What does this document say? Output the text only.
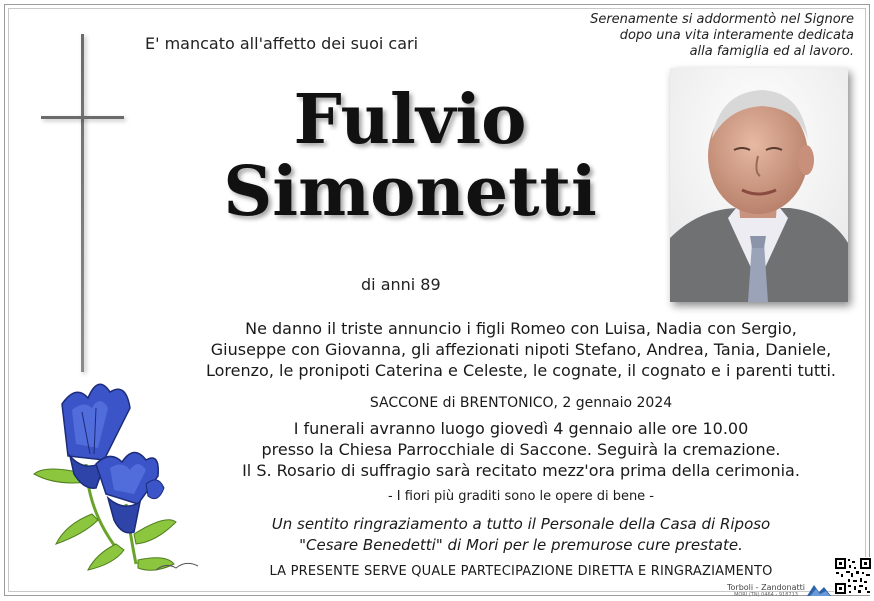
E' mancato all'affetto dei suoi cari
Serenamente si addormentò nel Signore
dopo una vita interamente dedicata
alla famiglia ed al lavoro.
Fulvio
Simonetti
di anni 89
Ne danno il triste annuncio i figli Romeo con Luisa, Nadia con Sergio,
Giuseppe con Giovanna, gli affezionati nipoti Stefano, Andrea, Tania, Daniele,
Lorenzo, le pronipoti Caterina e Celeste, le cognate, il cognato e i parenti tutti.
SACCONE di BRENTONICO, 2 gennaio 2024
I funerali avranno luogo giovedì 4 gennaio alle ore 10.00
presso la Chiesa Parrocchiale di Saccone. Seguirà la cremazione.
Il S. Rosario di suffragio sarà recitato mezz'ora prima della cerimonia.
- I fiori più graditi sono le opere di bene -
Un sentito ringraziamento a tutto il Personale della Casa di Riposo
"Cesare Benedetti" di Mori per le premurose cure prestate.
LA PRESENTE SERVE QUALE PARTECIPAZIONE DIRETTA E RINGRAZIAMENTO
Torboli - Zandonatti
MORI (TN) 0464 - 918713
